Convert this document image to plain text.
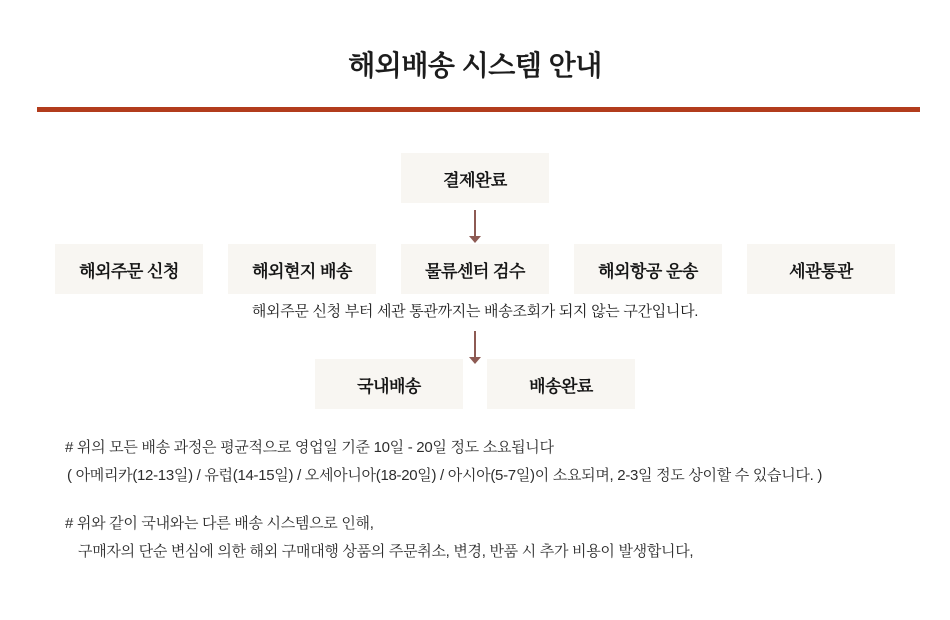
해외배송 시스템 안내
결제완료
해외주문 신청	해외현지 배송	물류센터 검수	해외항공 운송	세관통관

해외주문 신청 부터 세관 통관까지는 배송조회가 되지 않는 구간입니다.

국내배송	배송완료

# 위의 모든 배송 과정은 평균적으로 영업일 기준 10일 - 20일 정도 소요됩니다

( 아메리카(12-13일) / 유럽(14-15일) / 오세아니아(18-20일) / 아시아(5-7일)이 소요되며, 2-3일 정도 상이할 수 있습니다. )

# 위와 같이 국내와는 다른 배송 시스템으로 인해,

구매자의 단순 변심에 의한 해외 구매대행 상품의 주문취소, 변경, 반품 시 추가 비용이 발생합니다,
